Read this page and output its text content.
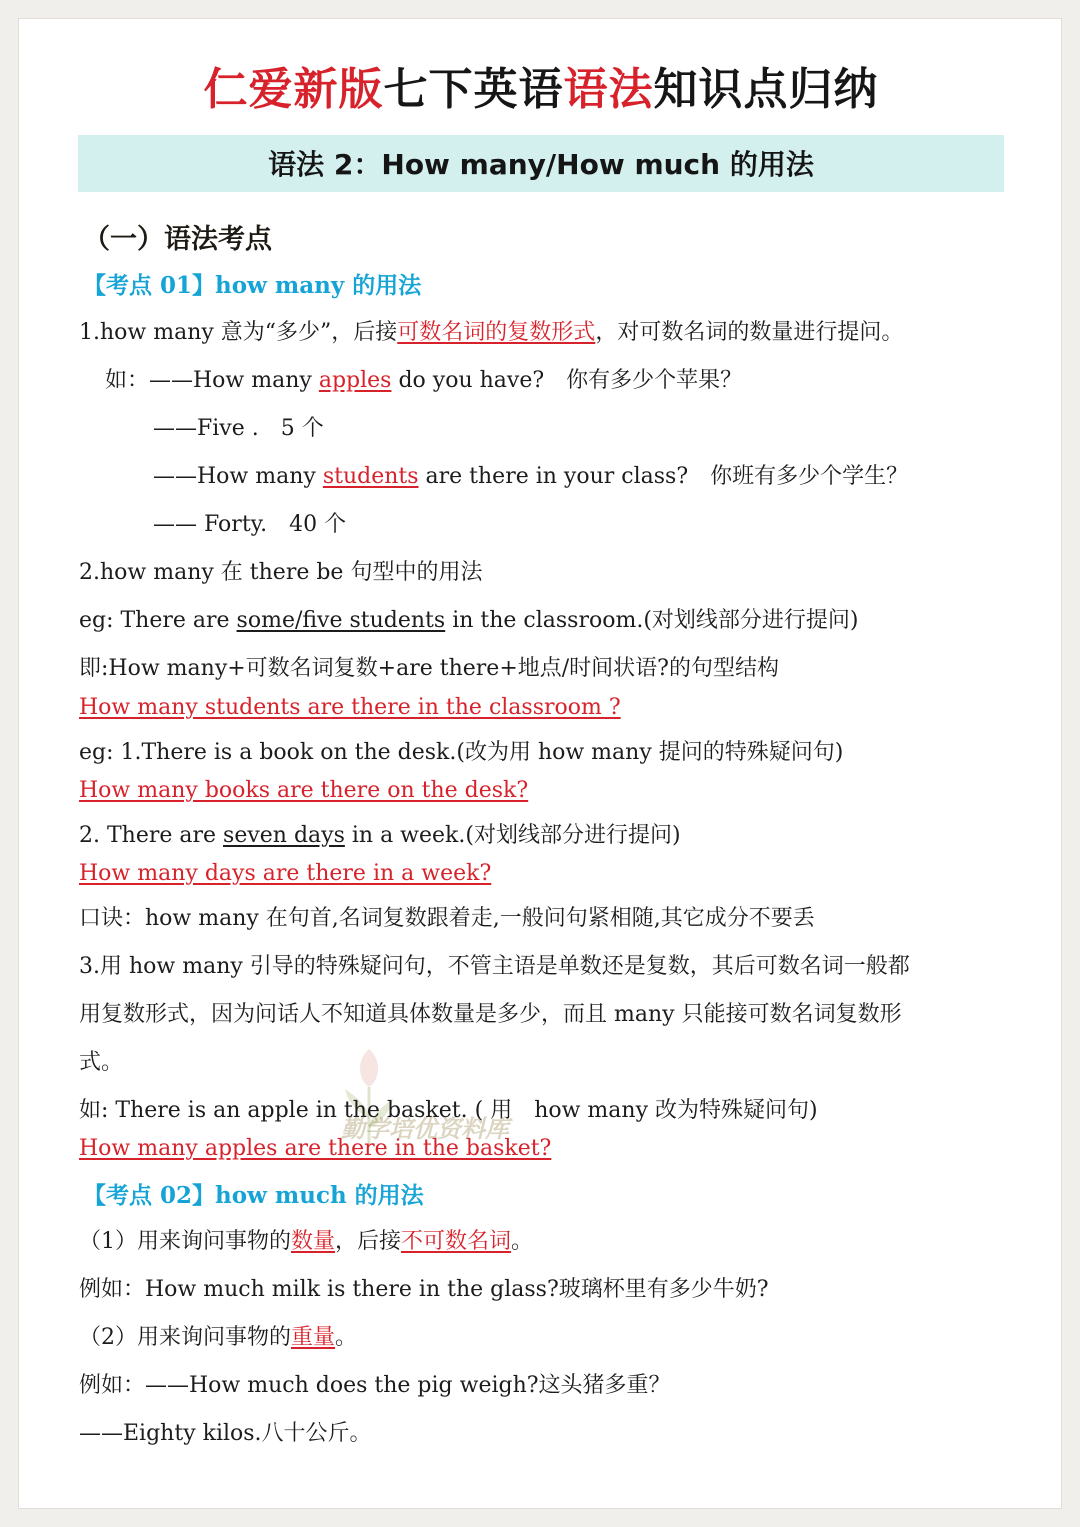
仁爱新版七下英语语法知识点归纳
语法 2：How many/How much 的用法
（一）语法考点
【考点 01】how many 的用法
1.how many 意为“多少”，后接可数名词的复数形式，对可数名词的数量进行提问。
如：——How many apples do you have?　你有多少个苹果？
——Five .　5 个
——How many students are there in your class?　你班有多少个学生？
—— Forty.　40 个
2.how many 在 there be 句型中的用法
eg: There are some/five students in the classroom.(对划线部分进行提问)
即:How many+可数名词复数+are there+地点/时间状语?的句型结构
How many students are there in the classroom ?
eg: 1.There is a book on the desk.(改为用 how many 提问的特殊疑问句)
How many books are there on the desk?
2. There are seven days in a week.(对划线部分进行提问)
How many days are there in a week?
口诀：how many 在句首,名词复数跟着走,一般问句紧相随,其它成分不要丢
3.用 how many 引导的特殊疑问句，不管主语是单数还是复数，其后可数名词一般都
用复数形式，因为问话人不知道具体数量是多少，而且 many 只能接可数名词复数形
式。
如: There is an apple in the basket. ( 用　how many 改为特殊疑问句)
How many apples are there in the basket?
勤学培优资料库
【考点 02】how much 的用法
（1）用来询问事物的数量，后接不可数名词。
例如：How much milk is there in the glass?玻璃杯里有多少牛奶?
（2）用来询问事物的重量。
例如：——How much does the pig weigh?这头猪多重？
——Eighty kilos.八十公斤。
